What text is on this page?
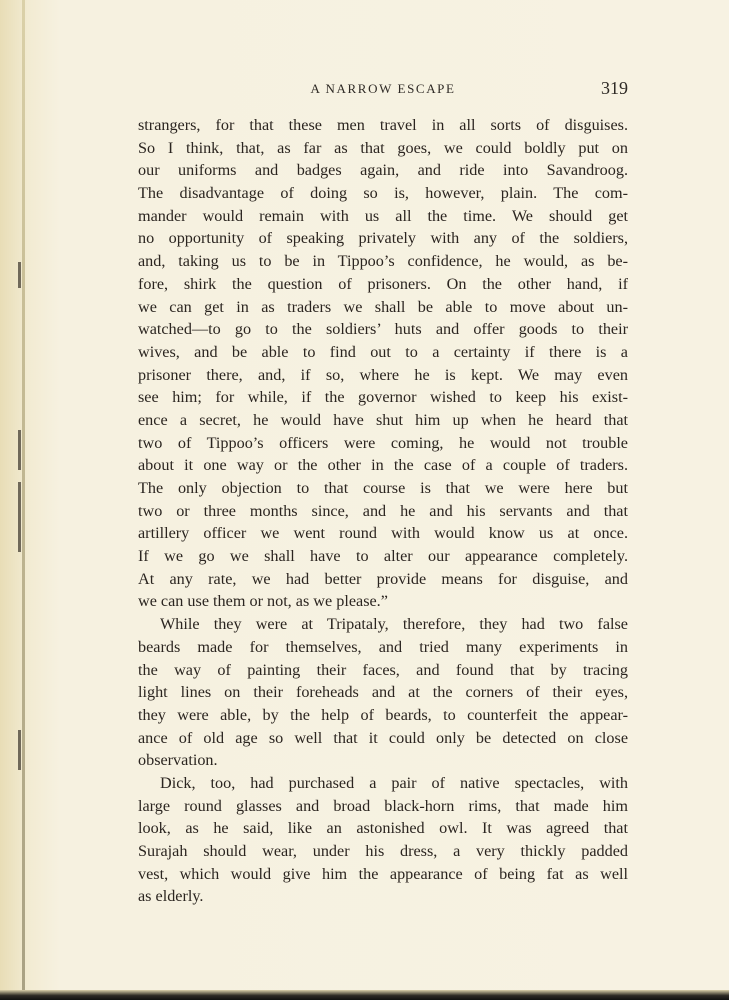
A NARROW ESCAPE	319
strangers, for that these men travel in all sorts of disguises.
So I think, that, as far as that goes, we could boldly put on
our uniforms and badges again, and ride into Savandroog.
The disadvantage of doing so is, however, plain. The com-
mander would remain with us all the time. We should get
no opportunity of speaking privately with any of the soldiers,
and, taking us to be in Tippoo’s confidence, he would, as be-
fore, shirk the question of prisoners. On the other hand, if
we can get in as traders we shall be able to move about un-
watched—to go to the soldiers’ huts and offer goods to their
wives, and be able to find out to a certainty if there is a
prisoner there, and, if so, where he is kept. We may even
see him; for while, if the governor wished to keep his exist-
ence a secret, he would have shut him up when he heard that
two of Tippoo’s officers were coming, he would not trouble
about it one way or the other in the case of a couple of traders.
The only objection to that course is that we were here but
two or three months since, and he and his servants and that
artillery officer we went round with would know us at once.
If we go we shall have to alter our appearance completely.
At any rate, we had better provide means for disguise, and
we can use them or not, as we please.”
While they were at Tripataly, therefore, they had two false
beards made for themselves, and tried many experiments in
the way of painting their faces, and found that by tracing
light lines on their foreheads and at the corners of their eyes,
they were able, by the help of beards, to counterfeit the appear-
ance of old age so well that it could only be detected on close
observation.
Dick, too, had purchased a pair of native spectacles, with
large round glasses and broad black-horn rims, that made him
look, as he said, like an astonished owl. It was agreed that
Surajah should wear, under his dress, a very thickly padded
vest, which would give him the appearance of being fat as well
as elderly.
